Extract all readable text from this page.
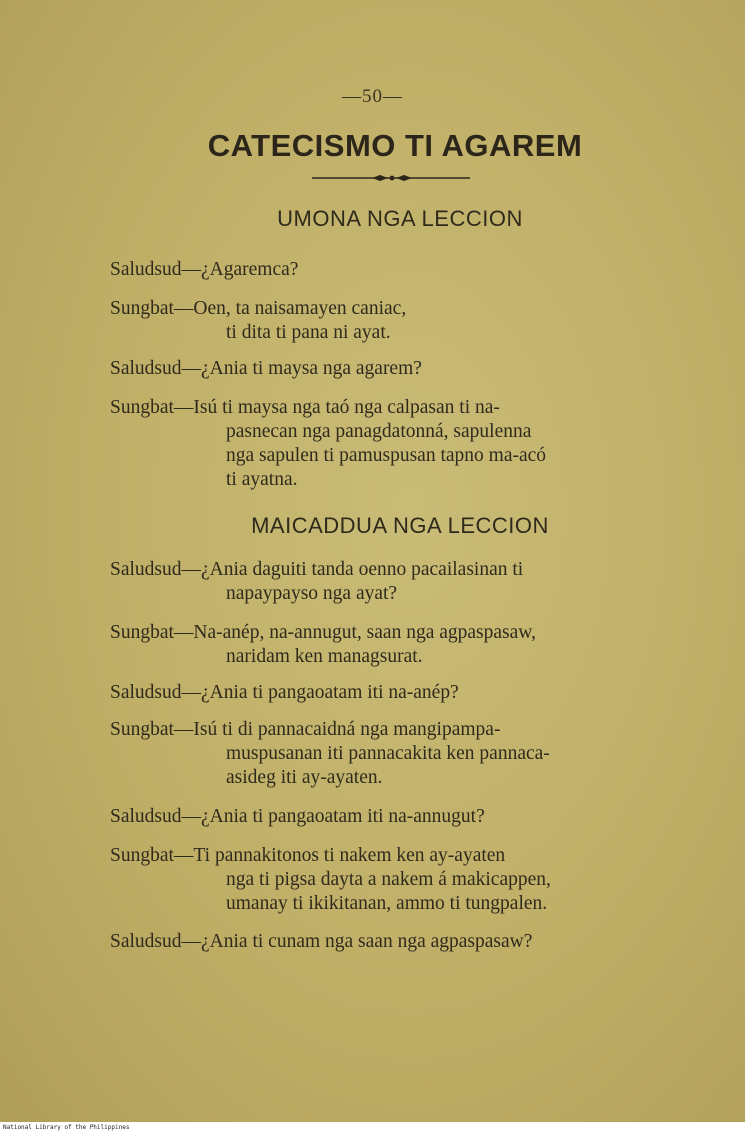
—50—
CATECISMO TI AGAREM
UMONA NGA LECCION
Saludsud—¿Agaremca?
Sungbat—Oen, ta naisamayen caniac,
ti dita ti pana ni ayat.
Saludsud—¿Ania ti maysa nga agarem?
Sungbat—Isú ti maysa nga taó nga calpasan ti na-
pasnecan nga panagdatonná, sapulenna
nga sapulen ti pamuspusan tapno ma-acó
ti ayatna.
MAICADDUA NGA LECCION
Saludsud—¿Ania daguiti tanda oenno pacailasinan ti
napaypayso nga ayat?
Sungbat—Na-anép, na-annugut, saan nga agpaspasaw,
naridam ken managsurat.
Saludsud—¿Ania ti pangaoatam iti na-anép?
Sungbat—Isú ti di pannacaidná nga mangipampa-
muspusanan iti pannacakita ken pannaca-
asideg iti ay-ayaten.
Saludsud—¿Ania ti pangaoatam iti na-annugut?
Sungbat—Ti pannakitonos ti nakem ken ay-ayaten
nga ti pigsa dayta a nakem á makicappen,
umanay ti ikikitanan, ammo ti tungpalen.
Saludsud—¿Ania ti cunam nga saan nga agpaspasaw?
National Library of the Philippines
